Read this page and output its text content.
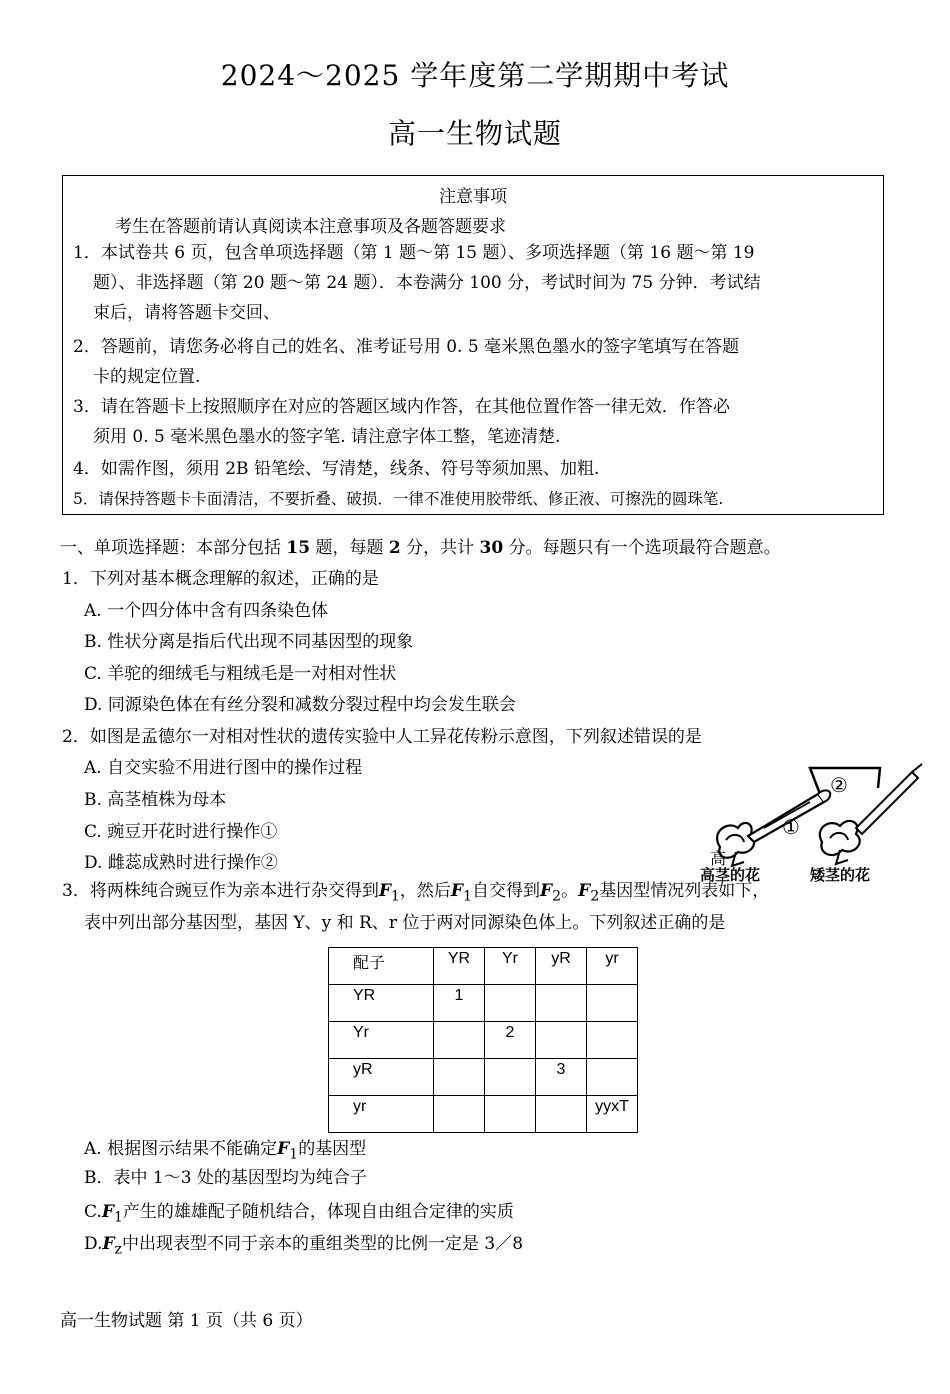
2024～2025 学年度第二学期期中考试
高一生物试题
注意事项
考生在答题前请认真阅读本注意事项及各题答题要求
1．本试卷共 6 页，包含单项选择题（第 1 题～第 15 题）、多项选择题（第 16 题～第 19
题）、非选择题（第 20 题～第 24 题）．本卷满分 100 分，考试时间为 75 分钟．考试结
束后，请将答题卡交回、
2．答题前，请您务必将自己的姓名、准考证号用 0. 5 毫米黑色墨水的签字笔填写在答题
卡的规定位置.
3．请在答题卡上按照顺序在对应的答题区域内作答，在其他位置作答一律无效．作答必
须用 0. 5 毫米黑色墨水的签字笔. 请注意字体工整，笔迹清楚.
4．如需作图，须用 2B 铅笔绘、写清楚，线条、符号等须加黑、加粗.
5．请保持答题卡卡面清洁，不要折叠、破损．一律不准使用胶带纸、修正液、可擦洗的圆珠笔.
一、单项选择题：本部分包括 15 题，每题 2 分，共计 30 分。每题只有一个选项最符合题意。
1．下列对基本概念理解的叙述，正确的是
A. 一个四分体中含有四条染色体
B. 性状分离是指后代出现不同基因型的现象
C. 羊驼的细绒毛与粗绒毛是一对相对性状
D. 同源染色体在有丝分裂和减数分裂过程中均会发生联会
2．如图是孟德尔一对相对性状的遗传实验中人工异花传粉示意图，下列叙述错误的是
A. 自交实验不用进行图中的操作过程
B. 高茎植株为母本
C. 豌豆开花时进行操作①
D. 雌蕊成熟时进行操作②
①
②
高
高茎的花	矮茎的花
3．将两株纯合豌豆作为亲本进行杂交得到$F_1$，然后$F_1$自交得到$F_2$。$F_2$基因型情况列表如下，
表中列出部分基因型，基因 Y、y 和 R、r 位于两对同源染色体上。下列叙述正确的是
配子	YR	Yr	yR	yr
YR	1			
Yr		2		
yR			3	
yr				yyxT
A. 根据图示结果不能确定$F_1$的基因型
B．表中 1～3 处的基因型均为纯合子
$C.F_1$产生的雄雄配子随机结合，体现自由组合定律的实质
$D.F_z$中出现表型不同于亲本的重组类型的比例一定是 3／8
高一生物试题 第 1 页（共 6 页）
